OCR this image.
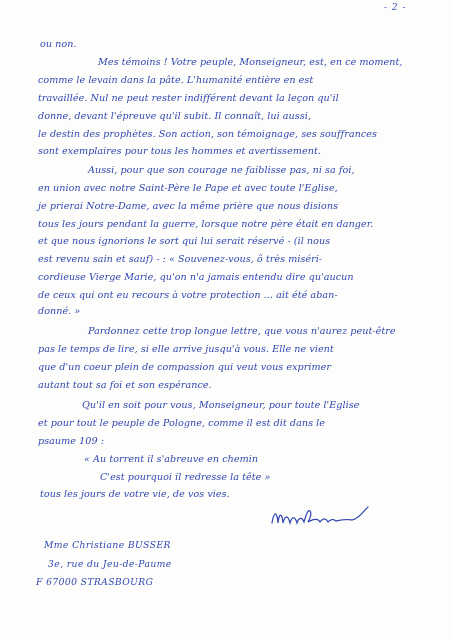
- 2 -
ou non.
Mes témoins ! Votre peuple, Monseigneur, est, en ce moment,
comme le levain dans la pâte. L'humanité entière en est
travaillée. Nul ne peut rester indifférent devant la leçon qu'il
donne, devant l'épreuve qu'il subit. Il connaît, lui aussi,
le destin des prophètes. Son action, son témoignage, ses souffrances
sont exemplaires pour tous les hommes et avertissement.
Aussi, pour que son courage ne faiblisse pas, ni sa foi,
en union avec notre Saint-Père le Pape et avec toute l'Eglise,
je prierai Notre-Dame, avec la même prière que nous disions
tous les jours pendant la guerre, lorsque notre père était en danger.
et que nous ignorions le sort qui lui serait réservé - (il nous
est revenu sain et sauf) - : « Souvenez-vous, ô très miséri-
cordieuse Vierge Marie, qu'on n'a jamais entendu dire qu'aucun
de ceux qui ont eu recours à votre protection ... ait été aban-
donné. »
Pardonnez cette trop longue lettre, que vous n'aurez peut-être
pas le temps de lire, si elle arrive jusqu'à vous. Elle ne vient
que d'un coeur plein de compassion qui veut vous exprimer
autant tout sa foi et son espérance.
Qu'il en soit pour vous, Monseigneur, pour toute l'Eglise
et pour tout le peuple de Pologne, comme il est dit dans le
psaume 109 :
« Au torrent il s'abreuve en chemin
C'est pourquoi il redresse la tête »
tous les jours de votre vie, de vos vies.
Mme Christiane BUSSER
3e, rue du Jeu-de-Paume
F 67000 STRASBOURG
